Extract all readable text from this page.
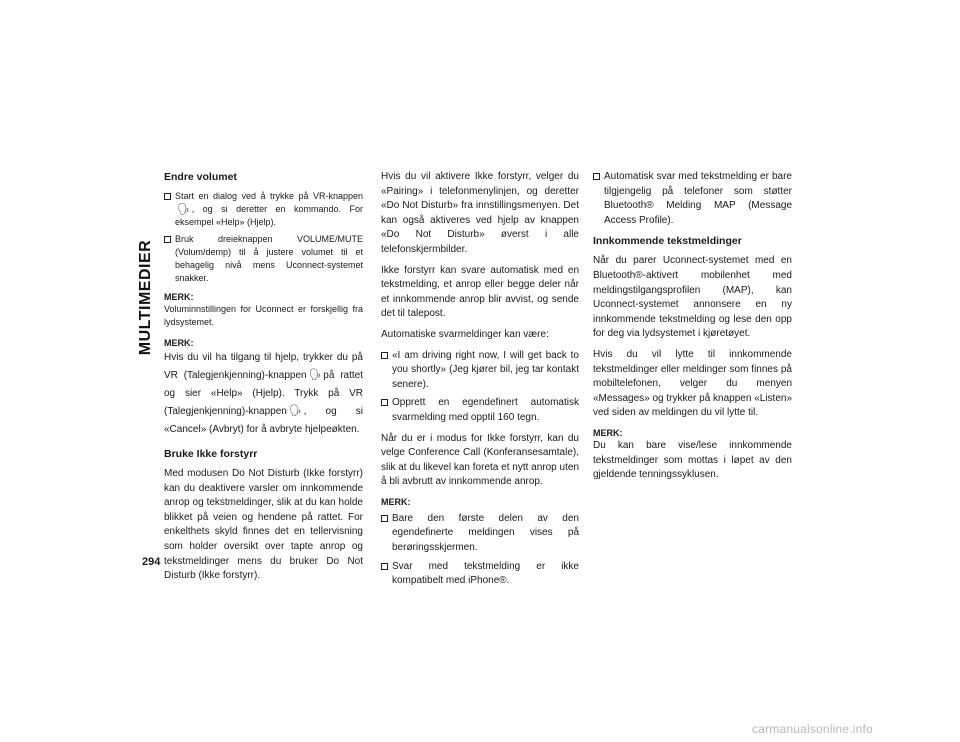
MULTIMEDIER
294
Endre volumet
Start en dialog ved å trykke på VR-knappen🗣︎ , og si deretter en kommando. For eksempel «Help» (Hjelp).
Bruk dreieknappen VOLUME/MUTE (Volum/demp) til å justere volumet til et behagelig nivå mens Uconnect-systemet snakker.
MERK:

Voluminnstillingen for Uconnect er forskjellig fra lydsystemet.

MERK:

Hvis du vil ha tilgang til hjelp, trykker du på VR (Talegjenkjenning)-knappen 🗣︎ på rattet og sier «Help» (Hjelp). Trykk på VR (Talegjenkjenning)-knappen 🗣︎ , og si «Cancel» (Avbryt) for å avbryte hjelpeøkten.

Bruke Ikke forstyrr

Med modusen Do Not Disturb (Ikke forstyrr) kan du deaktivere varsler om innkommende anrop og tekstmeldinger, slik at du kan holde blikket på veien og hendene på rattet. For enkelthets skyld finnes det en tellervisning som holder oversikt over tapte anrop og tekstmeldinger mens du bruker Do Not Disturb (Ikke forstyrr).

Hvis du vil aktivere Ikke forstyrr, velger du «Pairing» i telefonmenylinjen, og deretter «Do Not Disturb» fra innstillingsmenyen. Det kan også aktiveres ved hjelp av knappen «Do Not Disturb» øverst i alle telefonskjermbilder.

Ikke forstyrr kan svare automatisk med en tekstmelding, et anrop eller begge deler når et innkommende anrop blir avvist, og sende det til talepost.

Automatiske svarmeldinger kan være:

«I am driving right now, I will get back to you shortly» (Jeg kjører bil, jeg tar kontakt senere).
Opprett en egendefinert automatisk svarmelding med opptil 160 tegn.

Når du er i modus for Ikke forstyrr, kan du velge Conference Call (Konferansesamtale), slik at du likevel kan foreta et nytt anrop uten å bli avbrutt av innkommende anrop.

MERK:
Bare den første delen av den egendefinerte meldingen vises på berøringsskjermen.
Svar med tekstmelding er ikke kompatibelt med iPhone®.
Automatisk svar med tekstmelding er bare tilgjengelig på telefoner som støtter Bluetooth® Melding MAP (Message Access Profile).
Innkommende tekstmeldinger

Når du parer Uconnect-systemet med en Bluetooth®-aktivert mobilenhet med meldingstilgangsprofilen (MAP), kan Uconnect-systemet annonsere en ny innkommende tekstmelding og lese den opp for deg via lydsystemet i kjøretøyet.

Hvis du vil lytte til innkommende tekstmeldinger eller meldinger som finnes på mobiltelefonen, velger du menyen «Messages» og trykker på knappen «Listen» ved siden av meldingen du vil lytte til.

MERK:

Du kan bare vise/lese innkommende tekstmeldinger som mottas i løpet av den gjeldende tenningssyklusen.

carmanualsonline.info
